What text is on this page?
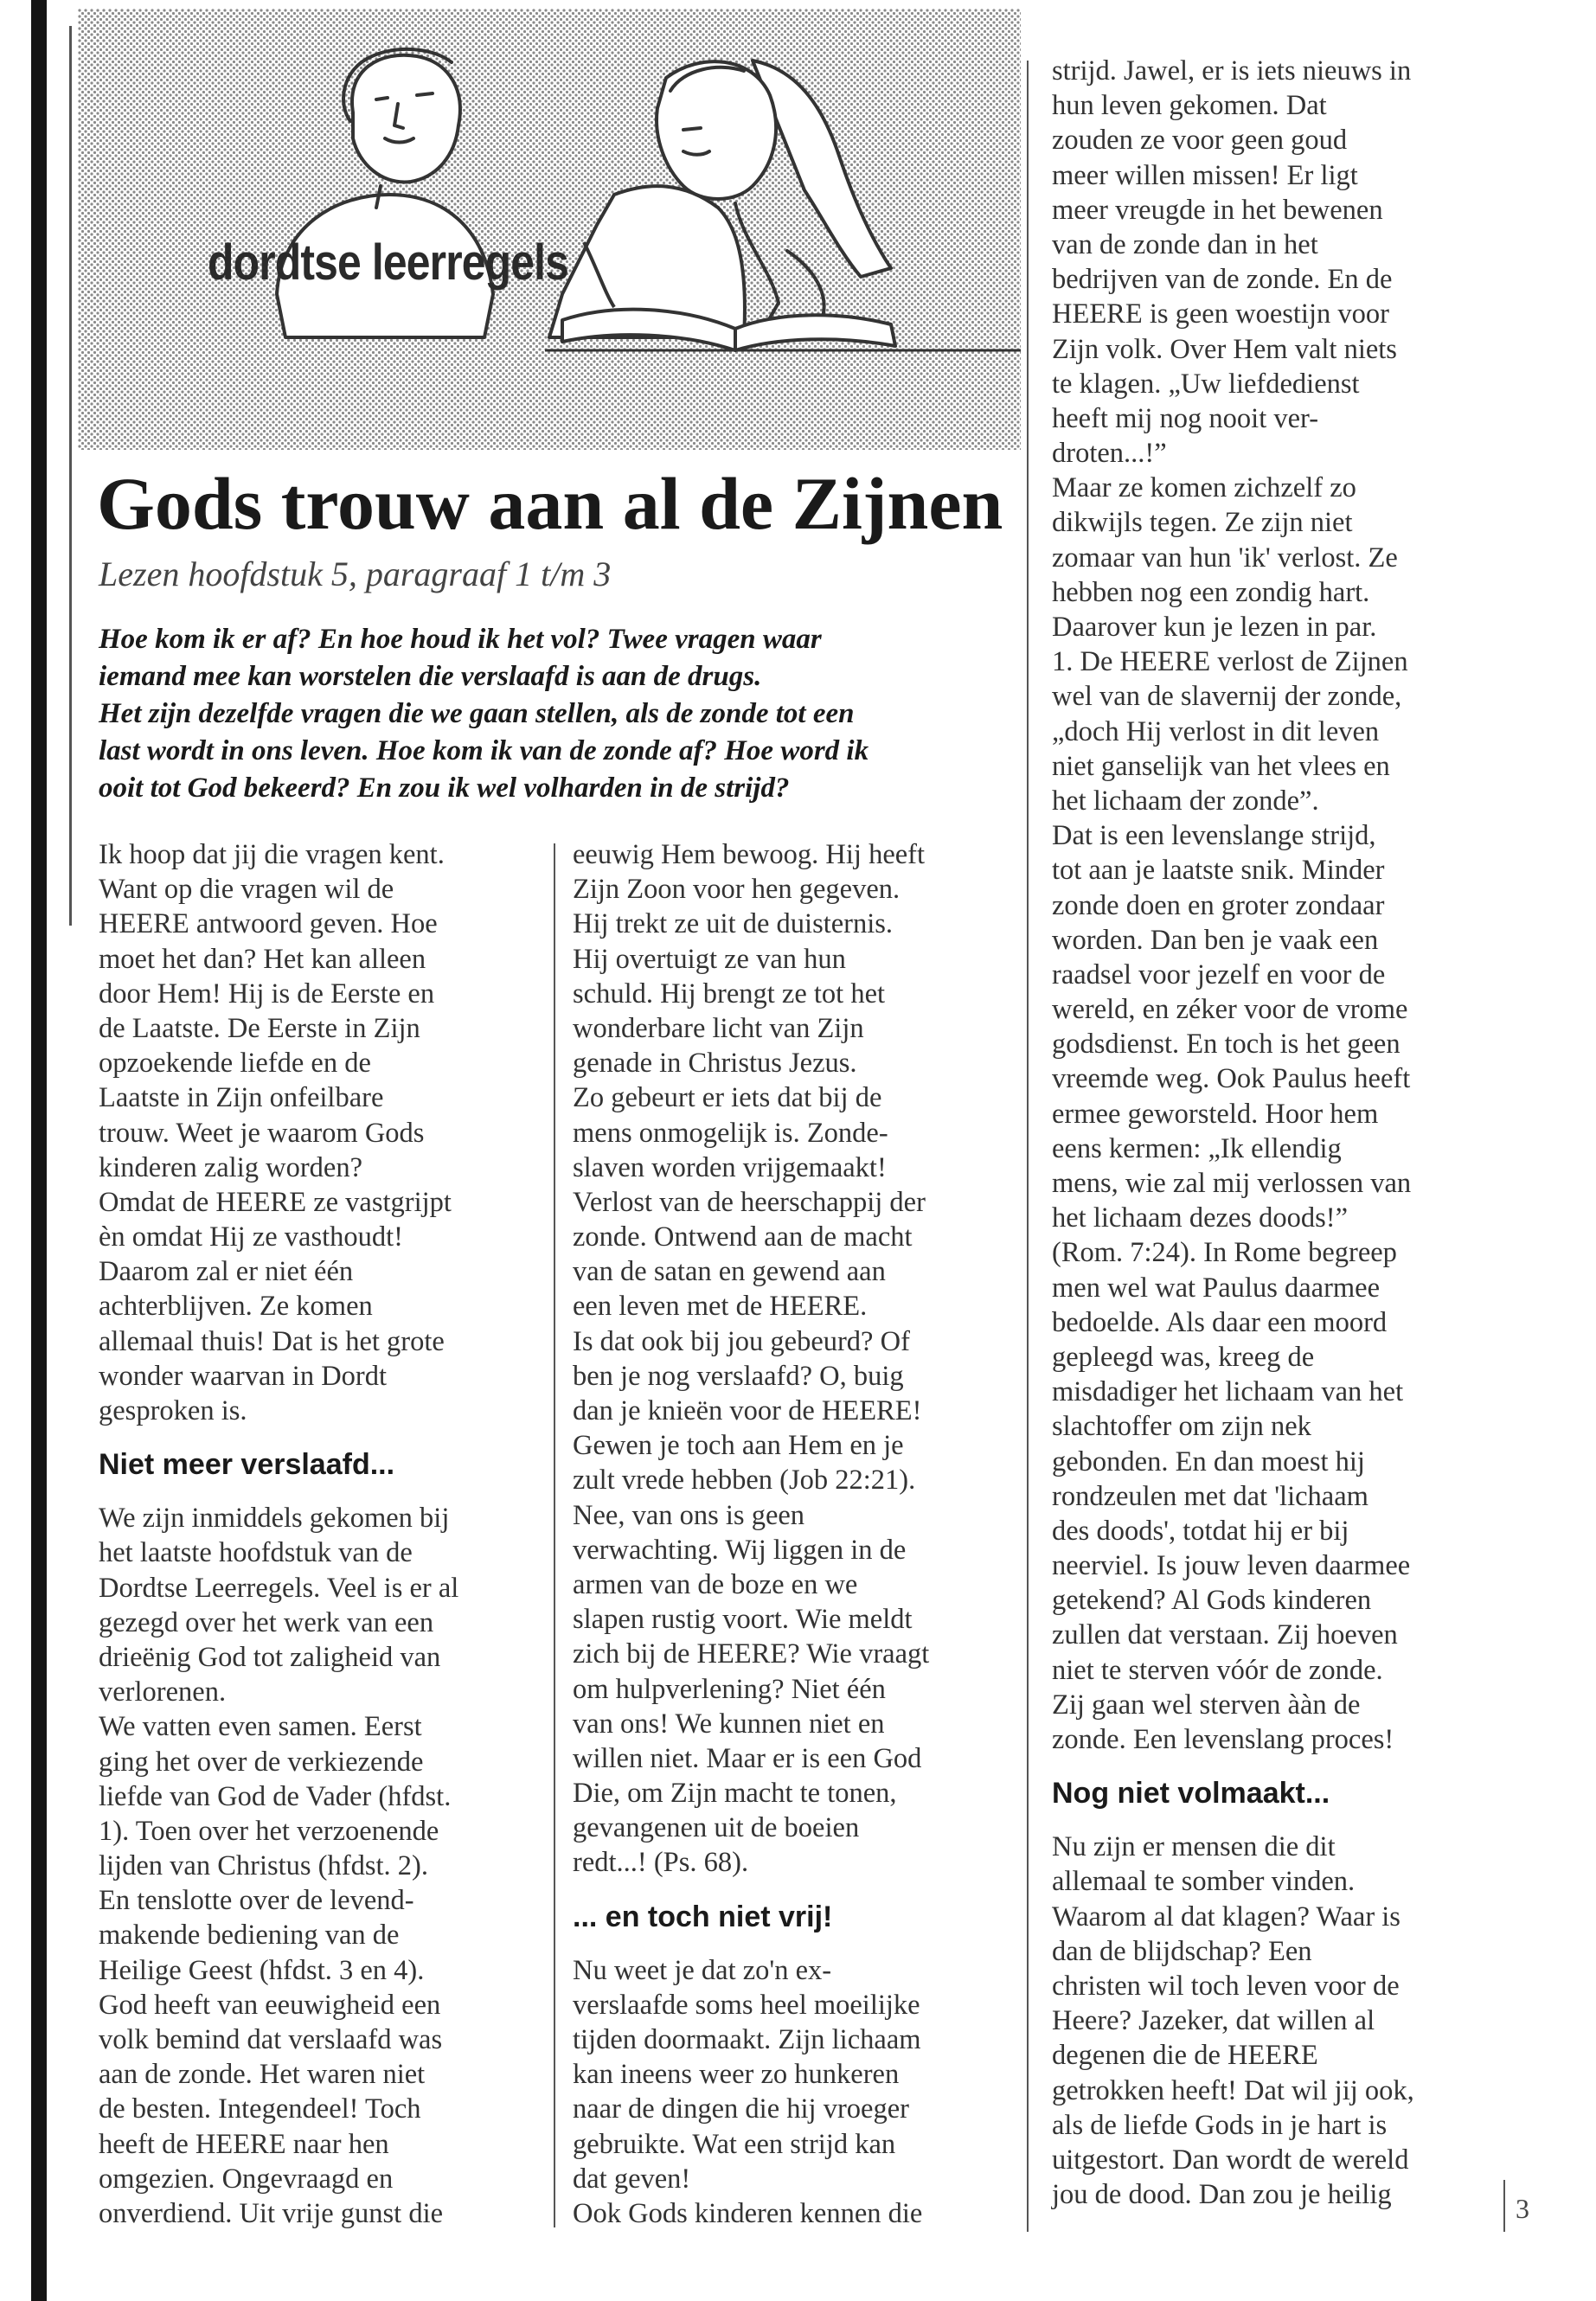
dordtse leerregels
Gods trouw aan al de Zijnen
Lezen hoofdstuk 5, paragraaf 1 t/m 3
Hoe kom ik er af? En hoe houd ik het vol? Twee vragen waar
iemand mee kan worstelen die verslaafd is aan de drugs.
Het zijn dezelfde vragen die we gaan stellen, als de zonde tot een
last wordt in ons leven. Hoe kom ik van de zonde af? Hoe word ik
ooit tot God bekeerd? En zou ik wel volharden in de strijd?
Ik hoop dat jij die vragen kent.
Want op die vragen wil de
HEERE antwoord geven. Hoe
moet het dan? Het kan alleen
door Hem! Hij is de Eerste en
de Laatste. De Eerste in Zijn
opzoekende liefde en de
Laatste in Zijn onfeilbare
trouw. Weet je waarom Gods
kinderen zalig worden?
Omdat de HEERE ze vastgrijpt
èn omdat Hij ze vasthoudt!
Daarom zal er niet één
achterblijven. Ze komen
allemaal thuis! Dat is het grote
wonder waarvan in Dordt
gesproken is.
Niet meer verslaafd...
We zijn inmiddels gekomen bij
het laatste hoofdstuk van de
Dordtse Leerregels. Veel is er al
gezegd over het werk van een
drieënig God tot zaligheid van
verlorenen.
We vatten even samen. Eerst
ging het over de verkiezende
liefde van God de Vader (hfdst.
1). Toen over het verzoenende
lijden van Christus (hfdst. 2).
En tenslotte over de levend-
makende bediening van de
Heilige Geest (hfdst. 3 en 4).
God heeft van eeuwigheid een
volk bemind dat verslaafd was
aan de zonde. Het waren niet
de besten. Integendeel! Toch
heeft de HEERE naar hen
omgezien. Ongevraagd en
onverdiend. Uit vrije gunst die
eeuwig Hem bewoog. Hij heeft
Zijn Zoon voor hen gegeven.
Hij trekt ze uit de duisternis.
Hij overtuigt ze van hun
schuld. Hij brengt ze tot het
wonderbare licht van Zijn
genade in Christus Jezus.
Zo gebeurt er iets dat bij de
mens onmogelijk is. Zonde-
slaven worden vrijgemaakt!
Verlost van de heerschappij der
zonde. Ontwend aan de macht
van de satan en gewend aan
een leven met de HEERE.
Is dat ook bij jou gebeurd? Of
ben je nog verslaafd? O, buig
dan je knieën voor de HEERE!
Gewen je toch aan Hem en je
zult vrede hebben (Job 22:21).
Nee, van ons is geen
verwachting. Wij liggen in de
armen van de boze en we
slapen rustig voort. Wie meldt
zich bij de HEERE? Wie vraagt
om hulpverlening? Niet één
van ons! We kunnen niet en
willen niet. Maar er is een God
Die, om Zijn macht te tonen,
gevangenen uit de boeien
redt...! (Ps. 68).
... en toch niet vrij!
Nu weet je dat zo'n ex-
verslaafde soms heel moeilijke
tijden doormaakt. Zijn lichaam
kan ineens weer zo hunkeren
naar de dingen die hij vroeger
gebruikte. Wat een strijd kan
dat geven!
Ook Gods kinderen kennen die
strijd. Jawel, er is iets nieuws in
hun leven gekomen. Dat
zouden ze voor geen goud
meer willen missen! Er ligt
meer vreugde in het bewenen
van de zonde dan in het
bedrijven van de zonde. En de
HEERE is geen woestijn voor
Zijn volk. Over Hem valt niets
te klagen. „Uw liefdedienst
heeft mij nog nooit ver-
droten...!”
Maar ze komen zichzelf zo
dikwijls tegen. Ze zijn niet
zomaar van hun 'ik' verlost. Ze
hebben nog een zondig hart.
Daarover kun je lezen in par.
1. De HEERE verlost de Zijnen
wel van de slavernij der zonde,
„doch Hij verlost in dit leven
niet ganselijk van het vlees en
het lichaam der zonde”.
Dat is een levenslange strijd,
tot aan je laatste snik. Minder
zonde doen en groter zondaar
worden. Dan ben je vaak een
raadsel voor jezelf en voor de
wereld, en zéker voor de vrome
godsdienst. En toch is het geen
vreemde weg. Ook Paulus heeft
ermee geworsteld. Hoor hem
eens kermen: „Ik ellendig
mens, wie zal mij verlossen van
het lichaam dezes doods!”
(Rom. 7:24). In Rome begreep
men wel wat Paulus daarmee
bedoelde. Als daar een moord
gepleegd was, kreeg de
misdadiger het lichaam van het
slachtoffer om zijn nek
gebonden. En dan moest hij
rondzeulen met dat 'lichaam
des doods', totdat hij er bij
neerviel. Is jouw leven daarmee
getekend? Al Gods kinderen
zullen dat verstaan. Zij hoeven
niet te sterven vóór de zonde.
Zij gaan wel sterven ààn de
zonde. Een levenslang proces!
Nog niet volmaakt...
Nu zijn er mensen die dit
allemaal te somber vinden.
Waarom al dat klagen? Waar is
dan de blijdschap? Een
christen wil toch leven voor de
Heere? Jazeker, dat willen al
degenen die de HEERE
getrokken heeft! Dat wil jij ook,
als de liefde Gods in je hart is
uitgestort. Dan wordt de wereld
jou de dood. Dan zou je heilig	3
